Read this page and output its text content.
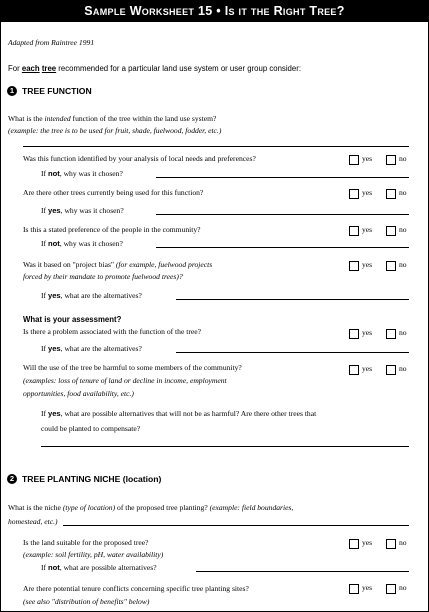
Sample Worksheet 15 • Is it the Right Tree?
Adapted from Raintree 1991
For each tree recommended for a particular land use system or user group consider:
1 TREE FUNCTION
What is the intended function of the tree within the land use system?
(example: the tree is to be used for fruit, shade, fuelwood, fodder, etc.)
Was this function identified by your analysis of local needs and preferences?	yes	no
If not, why was it chosen?
Are there other trees currently being used for this function?	yes	no
If yes, why was it chosen?
Is this a stated preference of the people in the community?	yes	no
If not, why was it chosen?
Was it based on "project bias" (for example, fuelwood projects
forced by their mandate to promote fuelwood trees)?
yes	no
If yes, what are the alternatives?
What is your assessment?
Is there a problem associated with the function of the tree?	yes	no
If yes, what are the alternatives?
Will the use of the tree be harmful to some members of the community?
(examples: loss of tenure of land or decline in income, employment
opportunities, food availability, etc.)
yes	no
If yes, what are possible alternatives that will not be as harmful? Are there other trees that
could be planted to compensate?
2 TREE PLANTING NICHE (location)
What is the niche (type of location) of the proposed tree planting? (example: field boundaries,
homestead, etc.)
Is the land suitable for the proposed tree?
(example: soil fertility, pH, water availability)
yes	no
If not, what are possible alternatives?
Are there potential tenure conflicts concerning specific tree planting sites?
(see also "distribution of benefits" below)
yes	no
